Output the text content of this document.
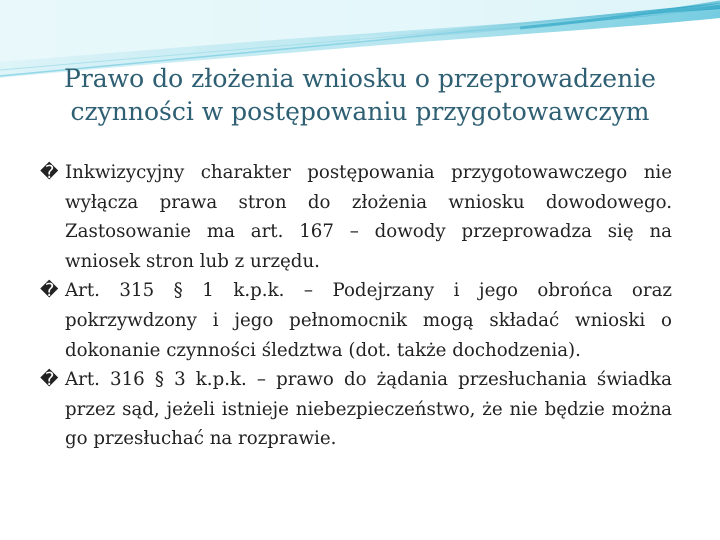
Prawo do złożenia wniosku o przeprowadzenie
czynności w postępowaniu przygotowawczym

� Inkwizycyjny charakter postępowania przygotowawczego nie wyłącza prawa stron do złożenia wniosku dowodowego. Zastosowanie ma art. 167 – dowody przeprowadza się na wniosek stron lub z urzędu.

� Art. 315 § 1 k.p.k. – Podejrzany i jego obrońca oraz pokrzywdzony i jego pełnomocnik mogą składać wnioski o dokonanie czynności śledztwa (dot. także dochodzenia).

� Art. 316 § 3 k.p.k. – prawo do żądania przesłuchania świadka przez sąd, jeżeli istnieje niebezpieczeństwo, że nie będzie można go przesłuchać na rozprawie.
